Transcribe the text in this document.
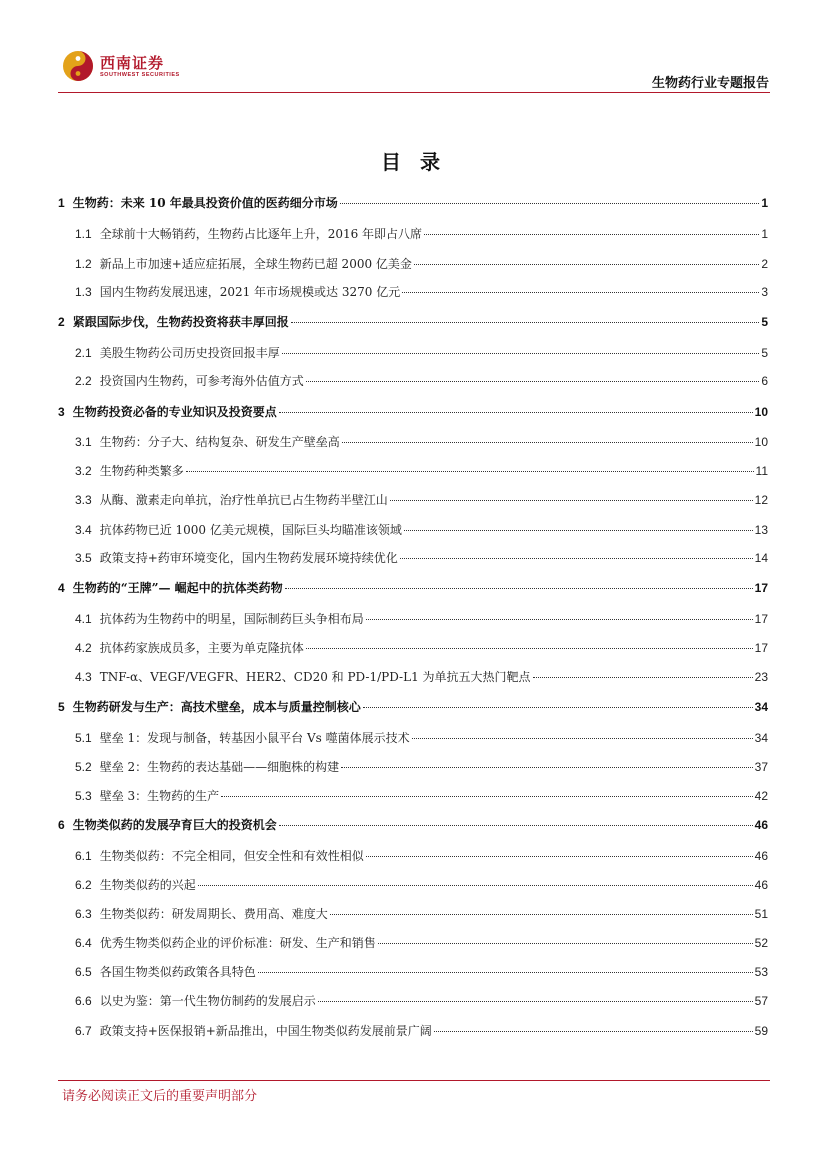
西南证券
SOUTHWEST SECURITIES
生物药行业专题报告
目 录
1 生物药：未来 10 年最具投资价值的医药细分市场	1
1.1 全球前十大畅销药，生物药占比逐年上升，2016 年即占八席	1
1.2 新品上市加速+适应症拓展，全球生物药已超 2000 亿美金	2
1.3 国内生物药发展迅速，2021 年市场规模或达 3270 亿元	3
2 紧跟国际步伐，生物药投资将获丰厚回报	5
2.1 美股生物药公司历史投资回报丰厚	5
2.2 投资国内生物药，可参考海外估值方式	6
3 生物药投资必备的专业知识及投资要点	10
3.1 生物药：分子大、结构复杂、研发生产壁垒高	10
3.2 生物药种类繁多	11
3.3 从酶、激素走向单抗，治疗性单抗已占生物药半壁江山	12
3.4 抗体药物已近 1000 亿美元规模，国际巨头均瞄准该领域	13
3.5 政策支持+药审环境变化，国内生物药发展环境持续优化	14
4 生物药的“王牌”— 崛起中的抗体类药物	17
4.1 抗体药为生物药中的明星，国际制药巨头争相布局	17
4.2 抗体药家族成员多，主要为单克隆抗体	17
4.3 TNF-α、VEGF/VEGFR、HER2、CD20 和 PD-1/PD-L1 为单抗五大热门靶点	23
5 生物药研发与生产：高技术壁垒，成本与质量控制核心	34
5.1 壁垒 1：发现与制备，转基因小鼠平台 Vs 噬菌体展示技术	34
5.2 壁垒 2：生物药的表达基础——细胞株的构建	37
5.3 壁垒 3：生物药的生产	42
6 生物类似药的发展孕育巨大的投资机会	46
6.1 生物类似药：不完全相同，但安全性和有效性相似	46
6.2 生物类似药的兴起	46
6.3 生物类似药：研发周期长、费用高、难度大	51
6.4 优秀生物类似药企业的评价标准：研发、生产和销售	52
6.5 各国生物类似药政策各具特色	53
6.6 以史为鉴：第一代生物仿制药的发展启示	57
6.7 政策支持+医保报销+新品推出，中国生物类似药发展前景广阔	59
请务必阅读正文后的重要声明部分
